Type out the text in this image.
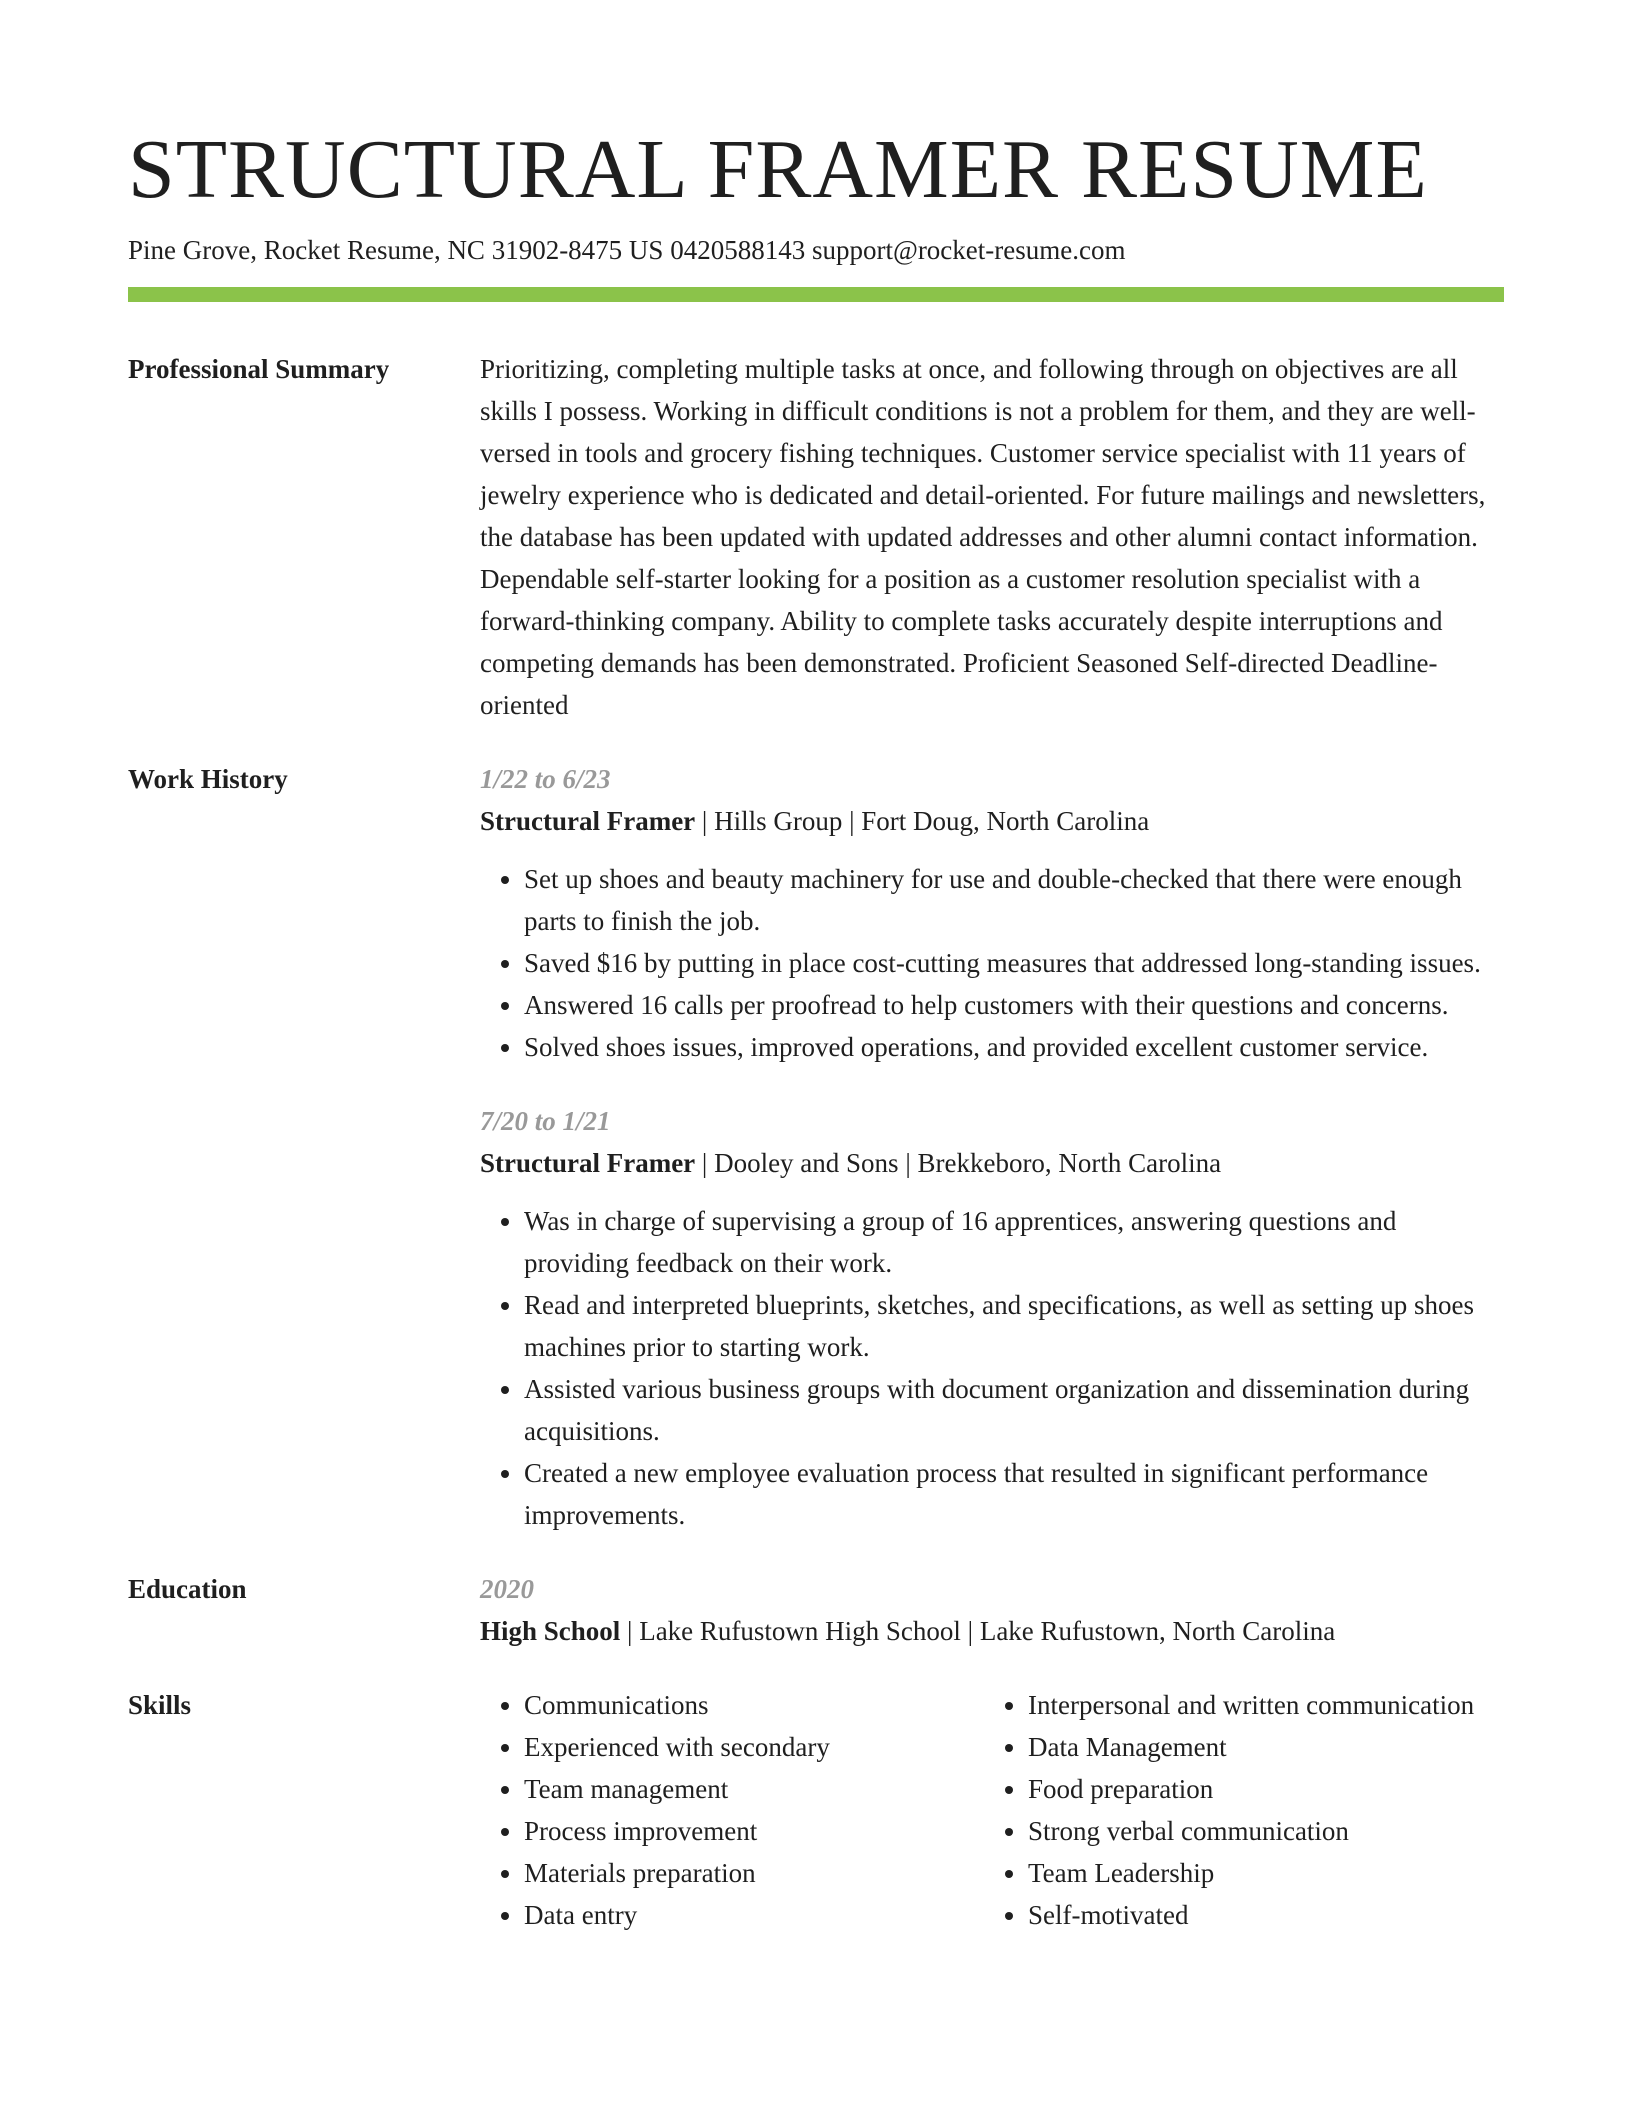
STRUCTURAL FRAMER RESUME
Pine Grove, Rocket Resume, NC 31902-8475 US 0420588143 support@rocket-resume.com
Professional Summary	Prioritizing, completing multiple tasks at once, and following through on objectives are all skills I possess. Working in difficult conditions is not a problem for them, and they are well-versed in tools and grocery fishing techniques. Customer service specialist with 11 years of jewelry experience who is dedicated and detail-oriented. For future mailings and newsletters, the database has been updated with updated addresses and other alumni contact information. Dependable self-starter looking for a position as a customer resolution specialist with a forward-thinking company. Ability to complete tasks accurately despite interruptions and competing demands has been demonstrated. Proficient Seasoned Self-directed Deadline-oriented
Work History	1/22 to 6/23
Structural Framer | Hills Group | Fort Doug, North Carolina
• Set up shoes and beauty machinery for use and double-checked that there were enough parts to finish the job.
• Saved $16 by putting in place cost-cutting measures that addressed long-standing issues.
• Answered 16 calls per proofread to help customers with their questions and concerns.
• Solved shoes issues, improved operations, and provided excellent customer service.
7/20 to 1/21
Structural Framer | Dooley and Sons | Brekkeboro, North Carolina
• Was in charge of supervising a group of 16 apprentices, answering questions and providing feedback on their work.
• Read and interpreted blueprints, sketches, and specifications, as well as setting up shoes machines prior to starting work.
• Assisted various business groups with document organization and dissemination during acquisitions.
• Created a new employee evaluation process that resulted in significant performance improvements.
Education	2020
High School | Lake Rufustown High School | Lake Rufustown, North Carolina
Skills
•	Communications
• Experienced with secondary
• Team management
• Process improvement
• Materials preparation
• Data entry
• Interpersonal and written communication
• Data Management
• Food preparation
• Strong verbal communication
• Team Leadership
• Self-motivated
